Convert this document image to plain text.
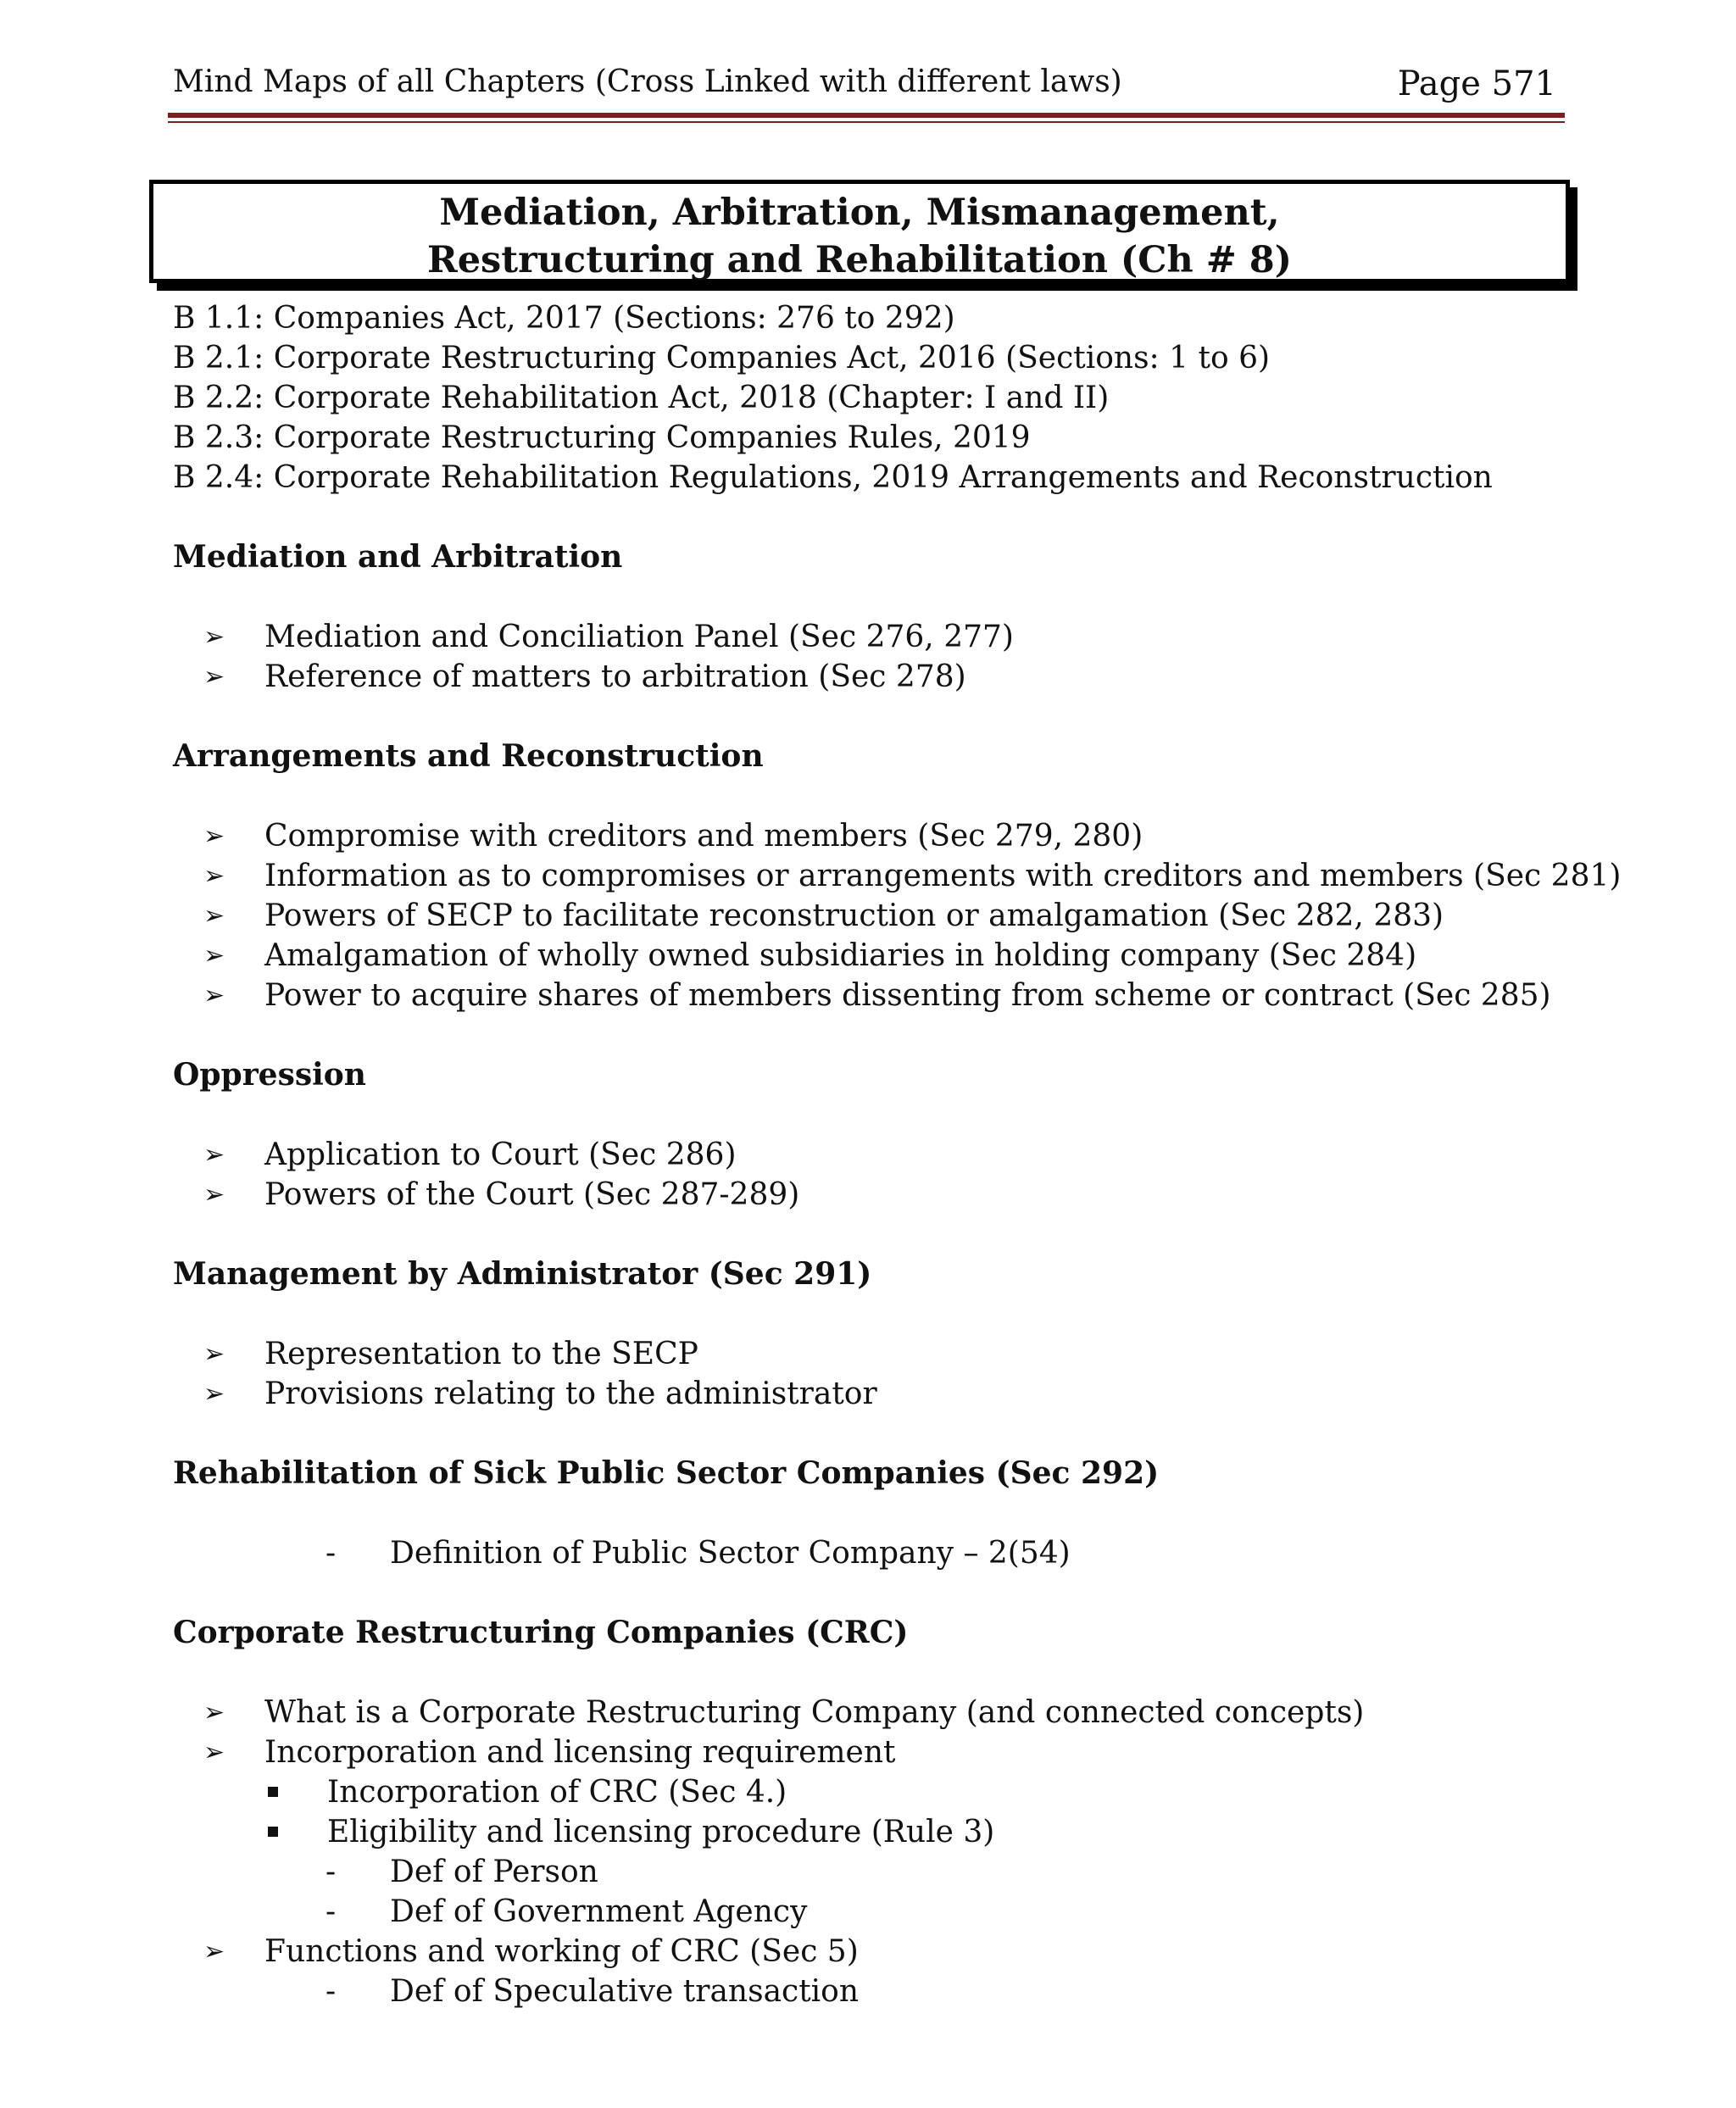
Mind Maps of all Chapters (Cross Linked with different laws)	Page 571
Mediation, Arbitration, Mismanagement,
Restructuring and Rehabilitation (Ch # 8)
B 1.1: Companies Act, 2017 (Sections: 276 to 292)
B 2.1: Corporate Restructuring Companies Act, 2016 (Sections: 1 to 6)
B 2.2: Corporate Rehabilitation Act, 2018 (Chapter: I and II)
B 2.3: Corporate Restructuring Companies Rules, 2019
B 2.4: Corporate Rehabilitation Regulations, 2019 Arrangements and Reconstruction
Mediation and Arbitration
➢ Mediation and Conciliation Panel (Sec 276, 277)
➢ Reference of matters to arbitration (Sec 278)
Arrangements and Reconstruction
➢ Compromise with creditors and members (Sec 279, 280)
➢ Information as to compromises or arrangements with creditors and members (Sec 281)
➢ Powers of SECP to facilitate reconstruction or amalgamation (Sec 282, 283)
➢ Amalgamation of wholly owned subsidiaries in holding company (Sec 284)
➢ Power to acquire shares of members dissenting from scheme or contract (Sec 285)
Oppression
➢ Application to Court (Sec 286)
➢ Powers of the Court (Sec 287-289)
Management by Administrator (Sec 291)
➢ Representation to the SECP
➢ Provisions relating to the administrator
Rehabilitation of Sick Public Sector Companies (Sec 292)
- Definition of Public Sector Company – 2(54)
Corporate Restructuring Companies (CRC)
➢ What is a Corporate Restructuring Company (and connected concepts)
➢ Incorporation and licensing requirement
Incorporation of CRC (Sec 4.)
Eligibility and licensing procedure (Rule 3)
- Def of Person
- Def of Government Agency
➢ Functions and working of CRC (Sec 5)
- Def of Speculative transaction
